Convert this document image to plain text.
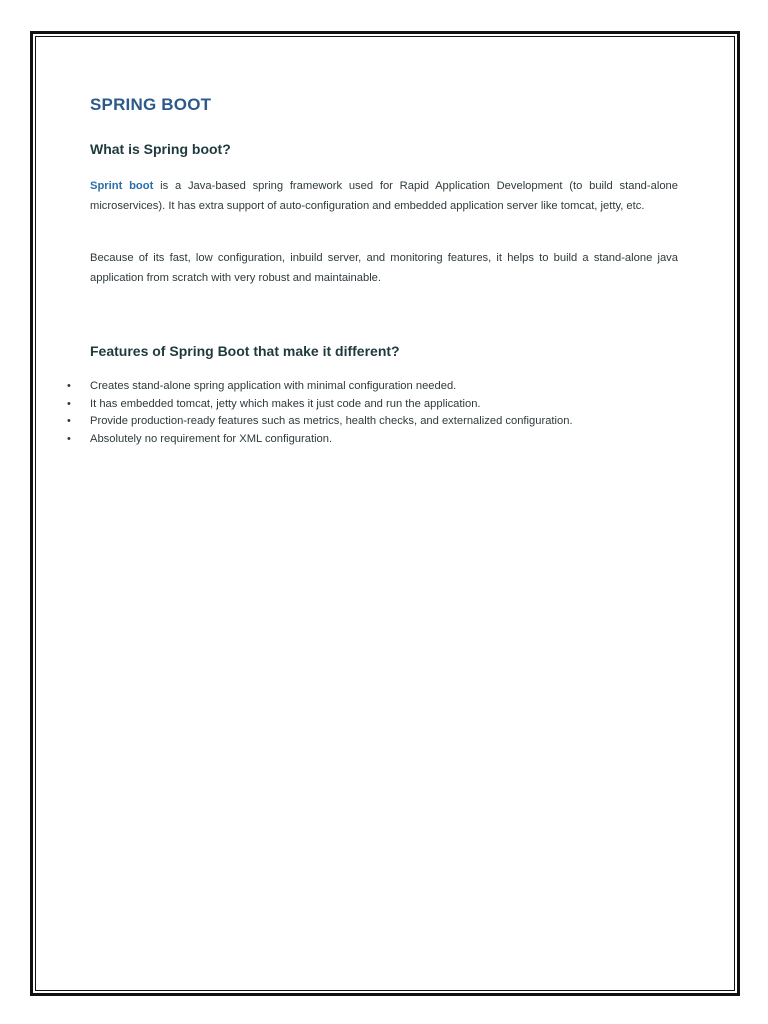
SPRING BOOT
What is Spring boot?

Sprint boot is a Java-based spring framework used for Rapid Application Development (to build stand-alone microservices). It has extra support of auto-configuration and embedded application server like tomcat, jetty, etc.

Because of its fast, low configuration, inbuild server, and monitoring features, it helps to build a stand-alone java application from scratch with very robust and maintainable.

Features of Spring Boot that make it different?
• Creates stand-alone spring application with minimal configuration needed.
• It has embedded tomcat, jetty which makes it just code and run the application.
• Provide production-ready features such as metrics, health checks, and externalized configuration.
• Absolutely no requirement for XML configuration.
